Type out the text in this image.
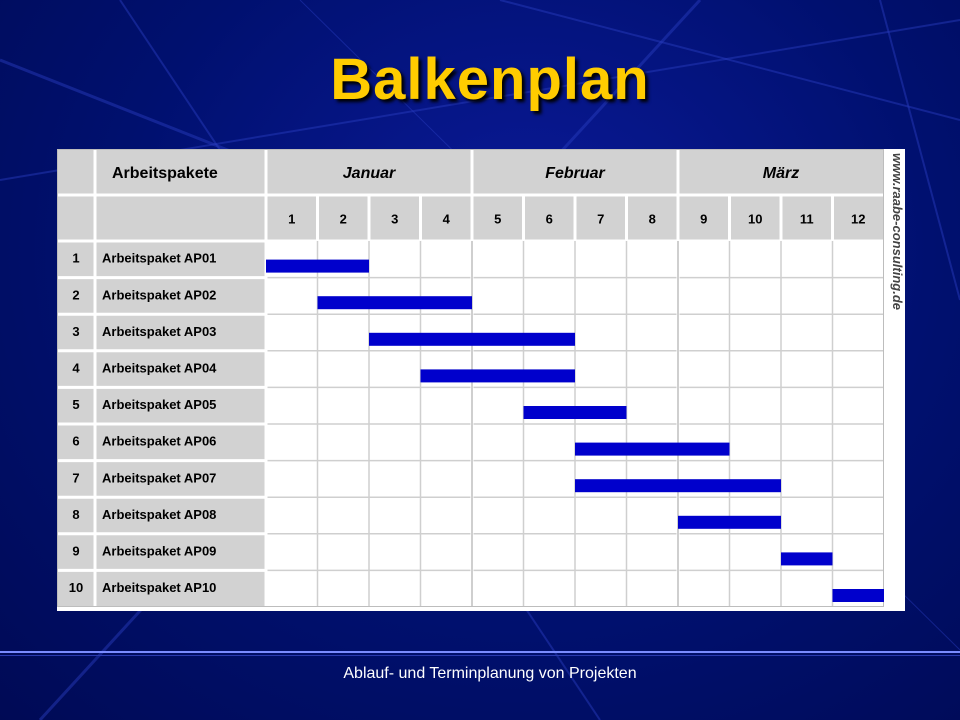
Balkenplan
Arbeitspakete	Januar	Februar	März
1	2	3	4	5	6	7	8	9	10	11	12
1 Arbeitspaket AP01
2 Arbeitspaket AP02
3 Arbeitspaket AP03
4 Arbeitspaket AP04
5 Arbeitspaket AP05
6 Arbeitspaket AP06
7 Arbeitspaket AP07
8 Arbeitspaket AP08
9 Arbeitspaket AP09
10 Arbeitspaket AP10
www.raabe-consulting.de
Ablauf- und Terminplanung von Projekten
